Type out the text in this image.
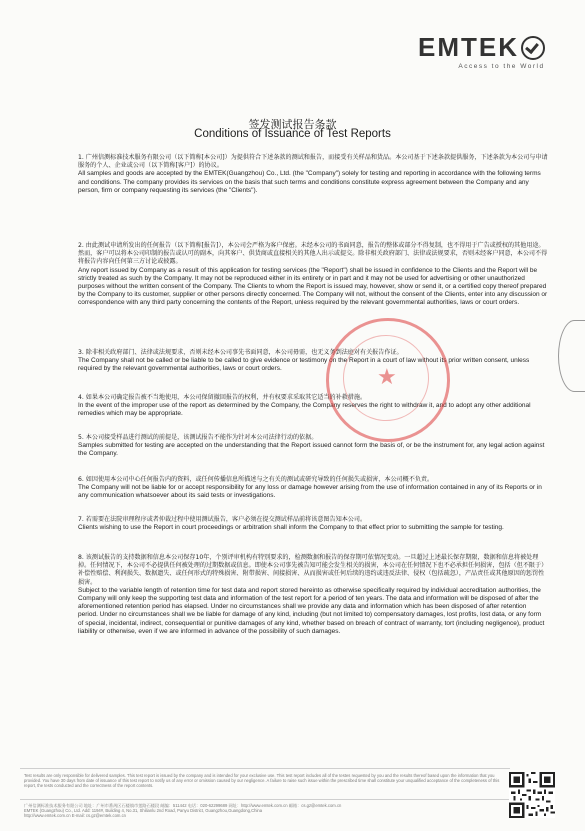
EMTEK
Access to the World
签发测试报告条款
Conditions of Issuance of Test Reports
1. 广州信测标准技术服务有限公司（以下简称[本公司]）为提供符合下述条款的测试和报告，而接受有关样品和货品。本公司基于下述条款提供服务，下述条款为本公司与申请服务的个人、企业或公司（以下简称[客户]）的协议。
All samples and goods are accepted by the EMTEK(Guangzhou) Co., Ltd. (the "Company") solely for testing and reporting in accordance with the following terms and conditions. The company provides its services on the basis that such terms and conditions constitute express agreement between the Company and any person, firm or company requesting its services (the "Clients").
2. 由此测试申请所发出的任何报告（以下简称[报告]），本公司会严格为客户保密。未经本公司的书面同意，报告的整体或部分不得复制，也不得用于广告或授权的其他用途。然而，客户可以将本公司印制的报告或认可的副本，向其客户、供货商或直接相关的其他人出示或提交。除非相关政府部门、法律或法规要求，否则未经客户同意，本公司不得将报告内容向任何第三方讨论或披露。
Any report issued by Company as a result of this application for testing services (the "Report") shall be issued in confidence to the Clients and the Report will be strictly treated as such by the Company. It may not be reproduced either in its entirety or in part and it may not be used for advertising or other unauthorized purposes without the written consent of the Company. The Clients to whom the Report is issued may, however, show or send it, or a certified copy thereof prepared by the Company to its customer, supplier or other persons directly concerned. The Company will not, without the consent of the Clients, enter into any discussion or correspondence with any third party concerning the contents of the Report, unless required by the relevant governmental authorities, laws or court orders.
3. 除非相关政府部门、法律或法规要求，否则未经本公司事先书面同意，本公司毋需，也无义务到法庭对有关报告作证。
The Company shall not be called or be liable to be called to give evidence or testimony on the Report in a court of law without its prior written consent, unless required by the relevant governmental authorities, laws or court orders.
4. 如果本公司确定报告被不当地使用，本公司保留撤回报告的权利，并有权要求采取其它适当的补救措施。
In the event of the improper use of the report as determined by the Company, the Company reserves the right to withdraw it, and to adopt any other additional remedies which may be appropriate.
5. 本公司接受样品进行测试的前提是，该测试报告不能作为针对本公司法律行动的依据。
Samples submitted for testing are accepted on the understanding that the Report issued cannot form the basis of, or be the instrument for, any legal action against the Company.
6. 如因使用本公司中心任何报告内的资料，或任何传播信息所描述与之有关的测试或研究导致的任何损失或损害，本公司概不负责。
The Company will not be liable for or accept responsibility for any loss or damage however arising from the use of information contained in any of its Reports or in any communication whatsoever about its said tests or investigations.
7. 若需要在法院审理程序或者仲裁过程中使用测试报告，客户必须在提交测试样品前将该意图告知本公司。
Clients wishing to use the Report in court proceedings or arbitration shall inform the Company to that effect prior to submitting the sample for testing.
8. 该测试报告的支持数据和信息本公司保存10年，个别评审机构有特别要求的，检测数据和报告的保存期可依情况变动。一旦超过上述最长保存期限，数据和信息将被处理掉。任何情况下，本公司不必提供任何被处理的过期数据或信息。即使本公司事先被告知可能会发生相关的损害，本公司在任何情况下也不必承担任何损害，包括（但不限于）补偿性赔偿、利润损失、数据遗失、或任何形式的特殊损害、附带损害、间接损害、从而损害或任何后续的违约或违反法律、侵权（包括疏忽），产品责任或其他原因的惩罚性损害。
Subject to the variable length of retention time for test data and report stored hereinto as otherwise specifically required by individual accreditation authorities, the Company will only keep the supporting test data and information of the test report for a period of ten years. The data and information will be disposed of after the aforementioned retention period has elapsed. Under no circumstances shall we provide any data and information which has been disposed of after retention period. Under no circumstances shall we be liable for damage of any kind, including (but not limited to) compensatory damages, lost profits, lost data, or any form of special, incidental, indirect, consequential or punitive damages of any kind, whether based on breach of contract of warranty, tort (including negligence), product liability or otherwise, even if we are informed in advance of the possibility of such damages.
★
Test results are only responsible for delivered samples. This test report is issued by the company and is intended for your exclusive use. This test report includes all of the testes requested by you and the results thereof based upon the information that you provided. You have 30 days from date of issuance of this test report to notify us of any error or omission caused by our negligence. A failure to raise such issue within the prescribed time shall constitute your unqualified acceptance of the completeness of this report, the tests conducted and the correctness of the report contents.
广州信测标准技术服务有限公司 地址：广州市番禺区石楼镇市莲路石楼段 邮编：511442 电话：020-62299689 网址：http://www.emtek.com.cn 邮箱：cs.gz@emtek.com.cn
EMTEK (Guangzhou) Co., Ltd. Add: 1194#, Building 4, No.31, Shilianlu 2nd Road, Panyu District, Guangzhou,Guangdong,China
http://www.emtek.com.cn E-mail: cs.gz@emtek.com.cn
